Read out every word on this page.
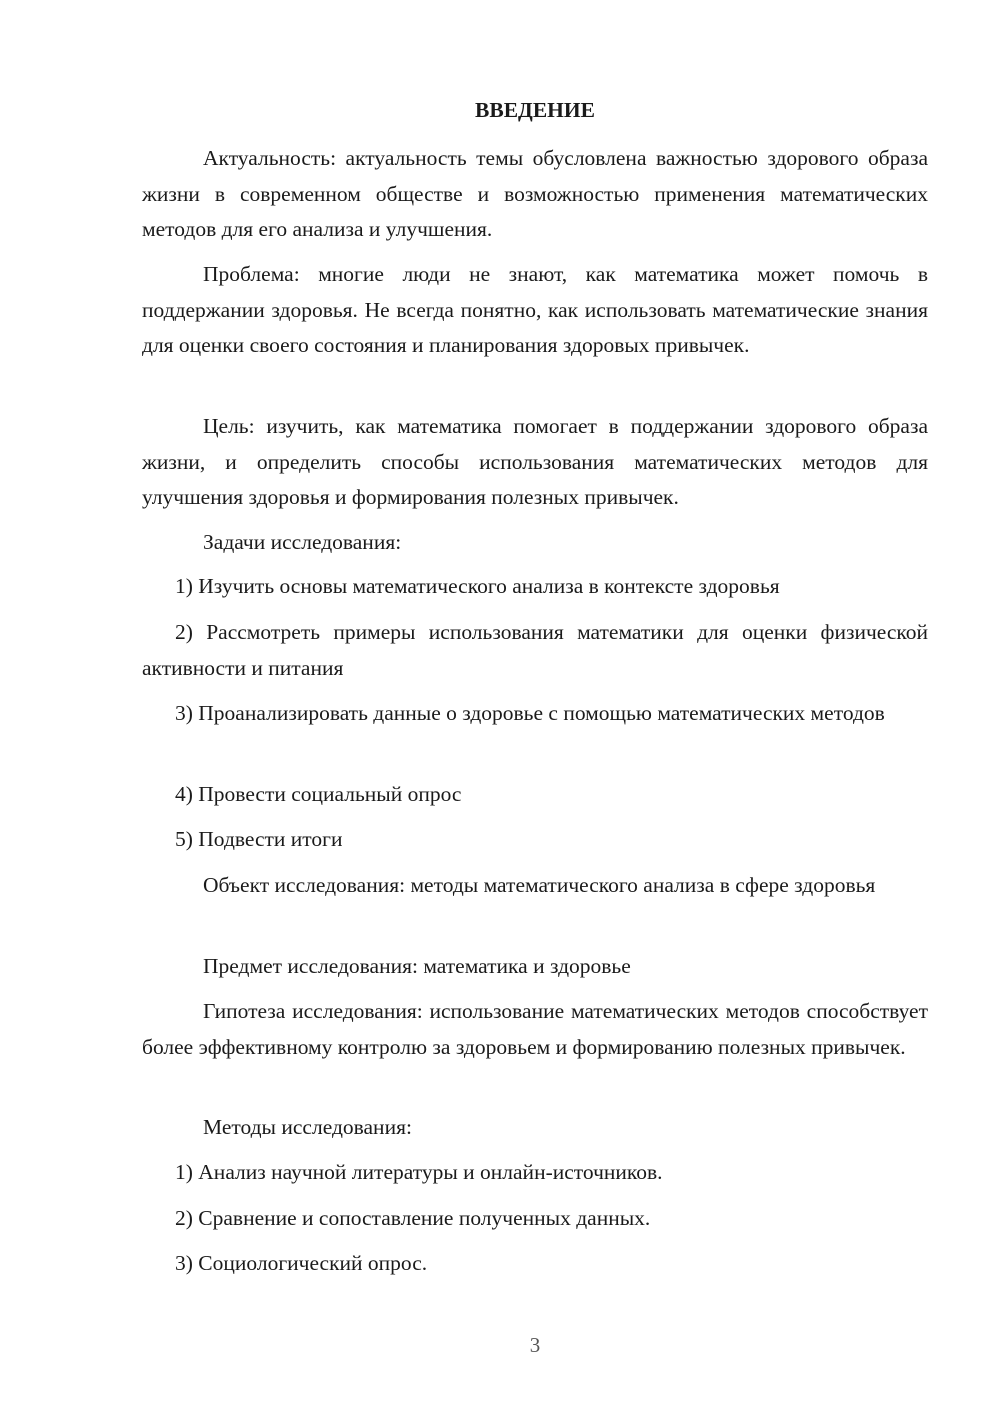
ВВЕДЕНИЕ

Актуальность: актуальность темы обусловлена важностью здорового образа жизни в современном обществе и возможностью применения математических методов для его анализа и улучшения.

Проблема: многие люди не знают, как математика может помочь в поддержании здоровья. Не всегда понятно, как использовать математические знания для оценки своего состояния и планирования здоровых привычек.

Цель: изучить, как математика помогает в поддержании здорового образа жизни, и определить способы использования математических методов для улучшения здоровья и формирования полезных привычек.

Задачи исследования:

1) Изучить основы математического анализа в контексте здоровья

2) Рассмотреть примеры использования математики для оценки физической активности и питания

3) Проанализировать данные о здоровье с помощью математических методов

4) Провести социальный опрос

5) Подвести итоги

Объект исследования: методы математического анализа в сфере здоровья

Предмет исследования: математика и здоровье

Гипотеза исследования: использование математических методов способствует более эффективному контролю за здоровьем и формированию полезных привычек.

Методы исследования:

1) Анализ научной литературы и онлайн-источников.

2) Сравнение и сопоставление полученных данных.

3) Социологический опрос.

3
